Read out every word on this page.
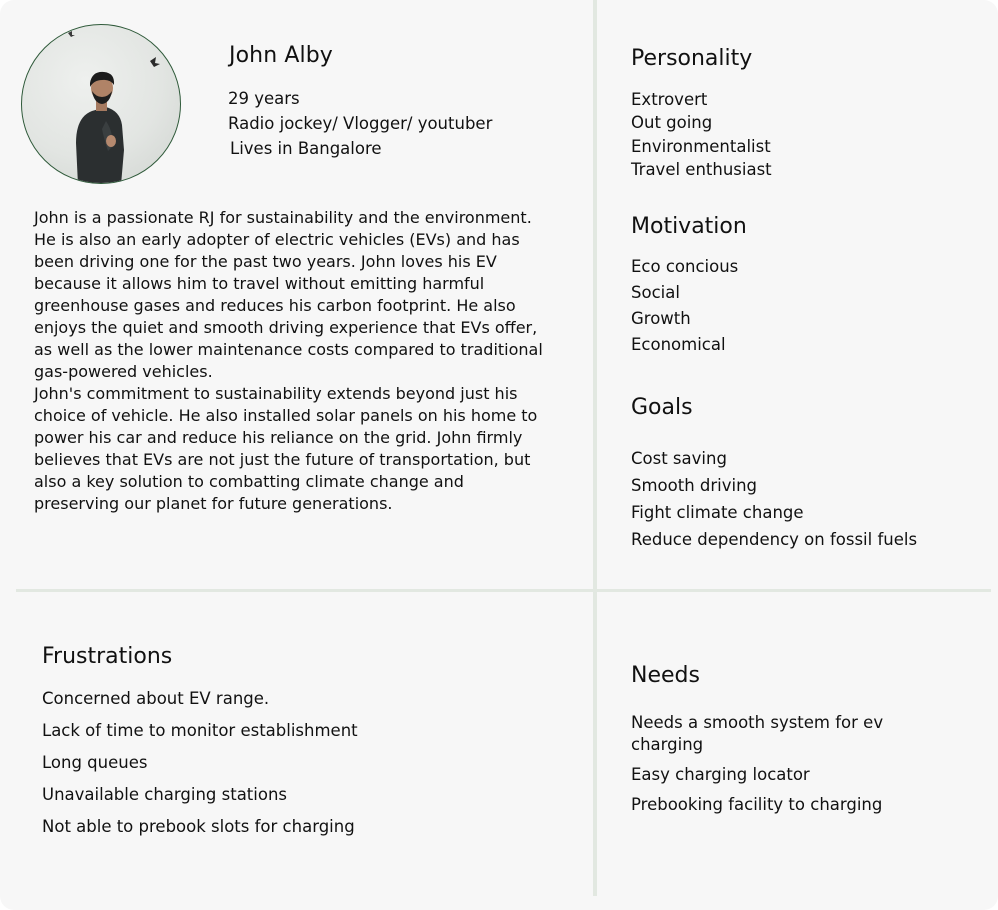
John Alby
29 years
Radio jockey/ Vlogger/ youtuber
Lives in Bangalore
John is a passionate RJ for sustainability and the environment. He is also an early adopter of electric vehicles (EVs) and has been driving one for the past two years. John loves his EV because it allows him to travel without emitting harmful greenhouse gases and reduces his carbon footprint. He also enjoys the quiet and smooth driving experience that EVs offer, as well as the lower maintenance costs compared to traditional gas-powered vehicles.
John's commitment to sustainability extends beyond just his choice of vehicle. He also installed solar panels on his home to power his car and reduce his reliance on the grid. John firmly believes that EVs are not just the future of transportation, but also a key solution to combatting climate change and preserving our planet for future generations.
Personality
Extrovert
Out going
Environmentalist
Travel enthusiast
Motivation
Eco concious
Social
Growth
Economical
Goals
Cost saving
Smooth driving
Fight climate change
Reduce dependency on fossil fuels
Frustrations
Concerned about EV range.
Lack of time to monitor establishment
Long queues
Unavailable charging stations
Not able to prebook slots for charging
Needs
Needs a smooth system for ev charging
Easy charging locator
Prebooking facility to charging
